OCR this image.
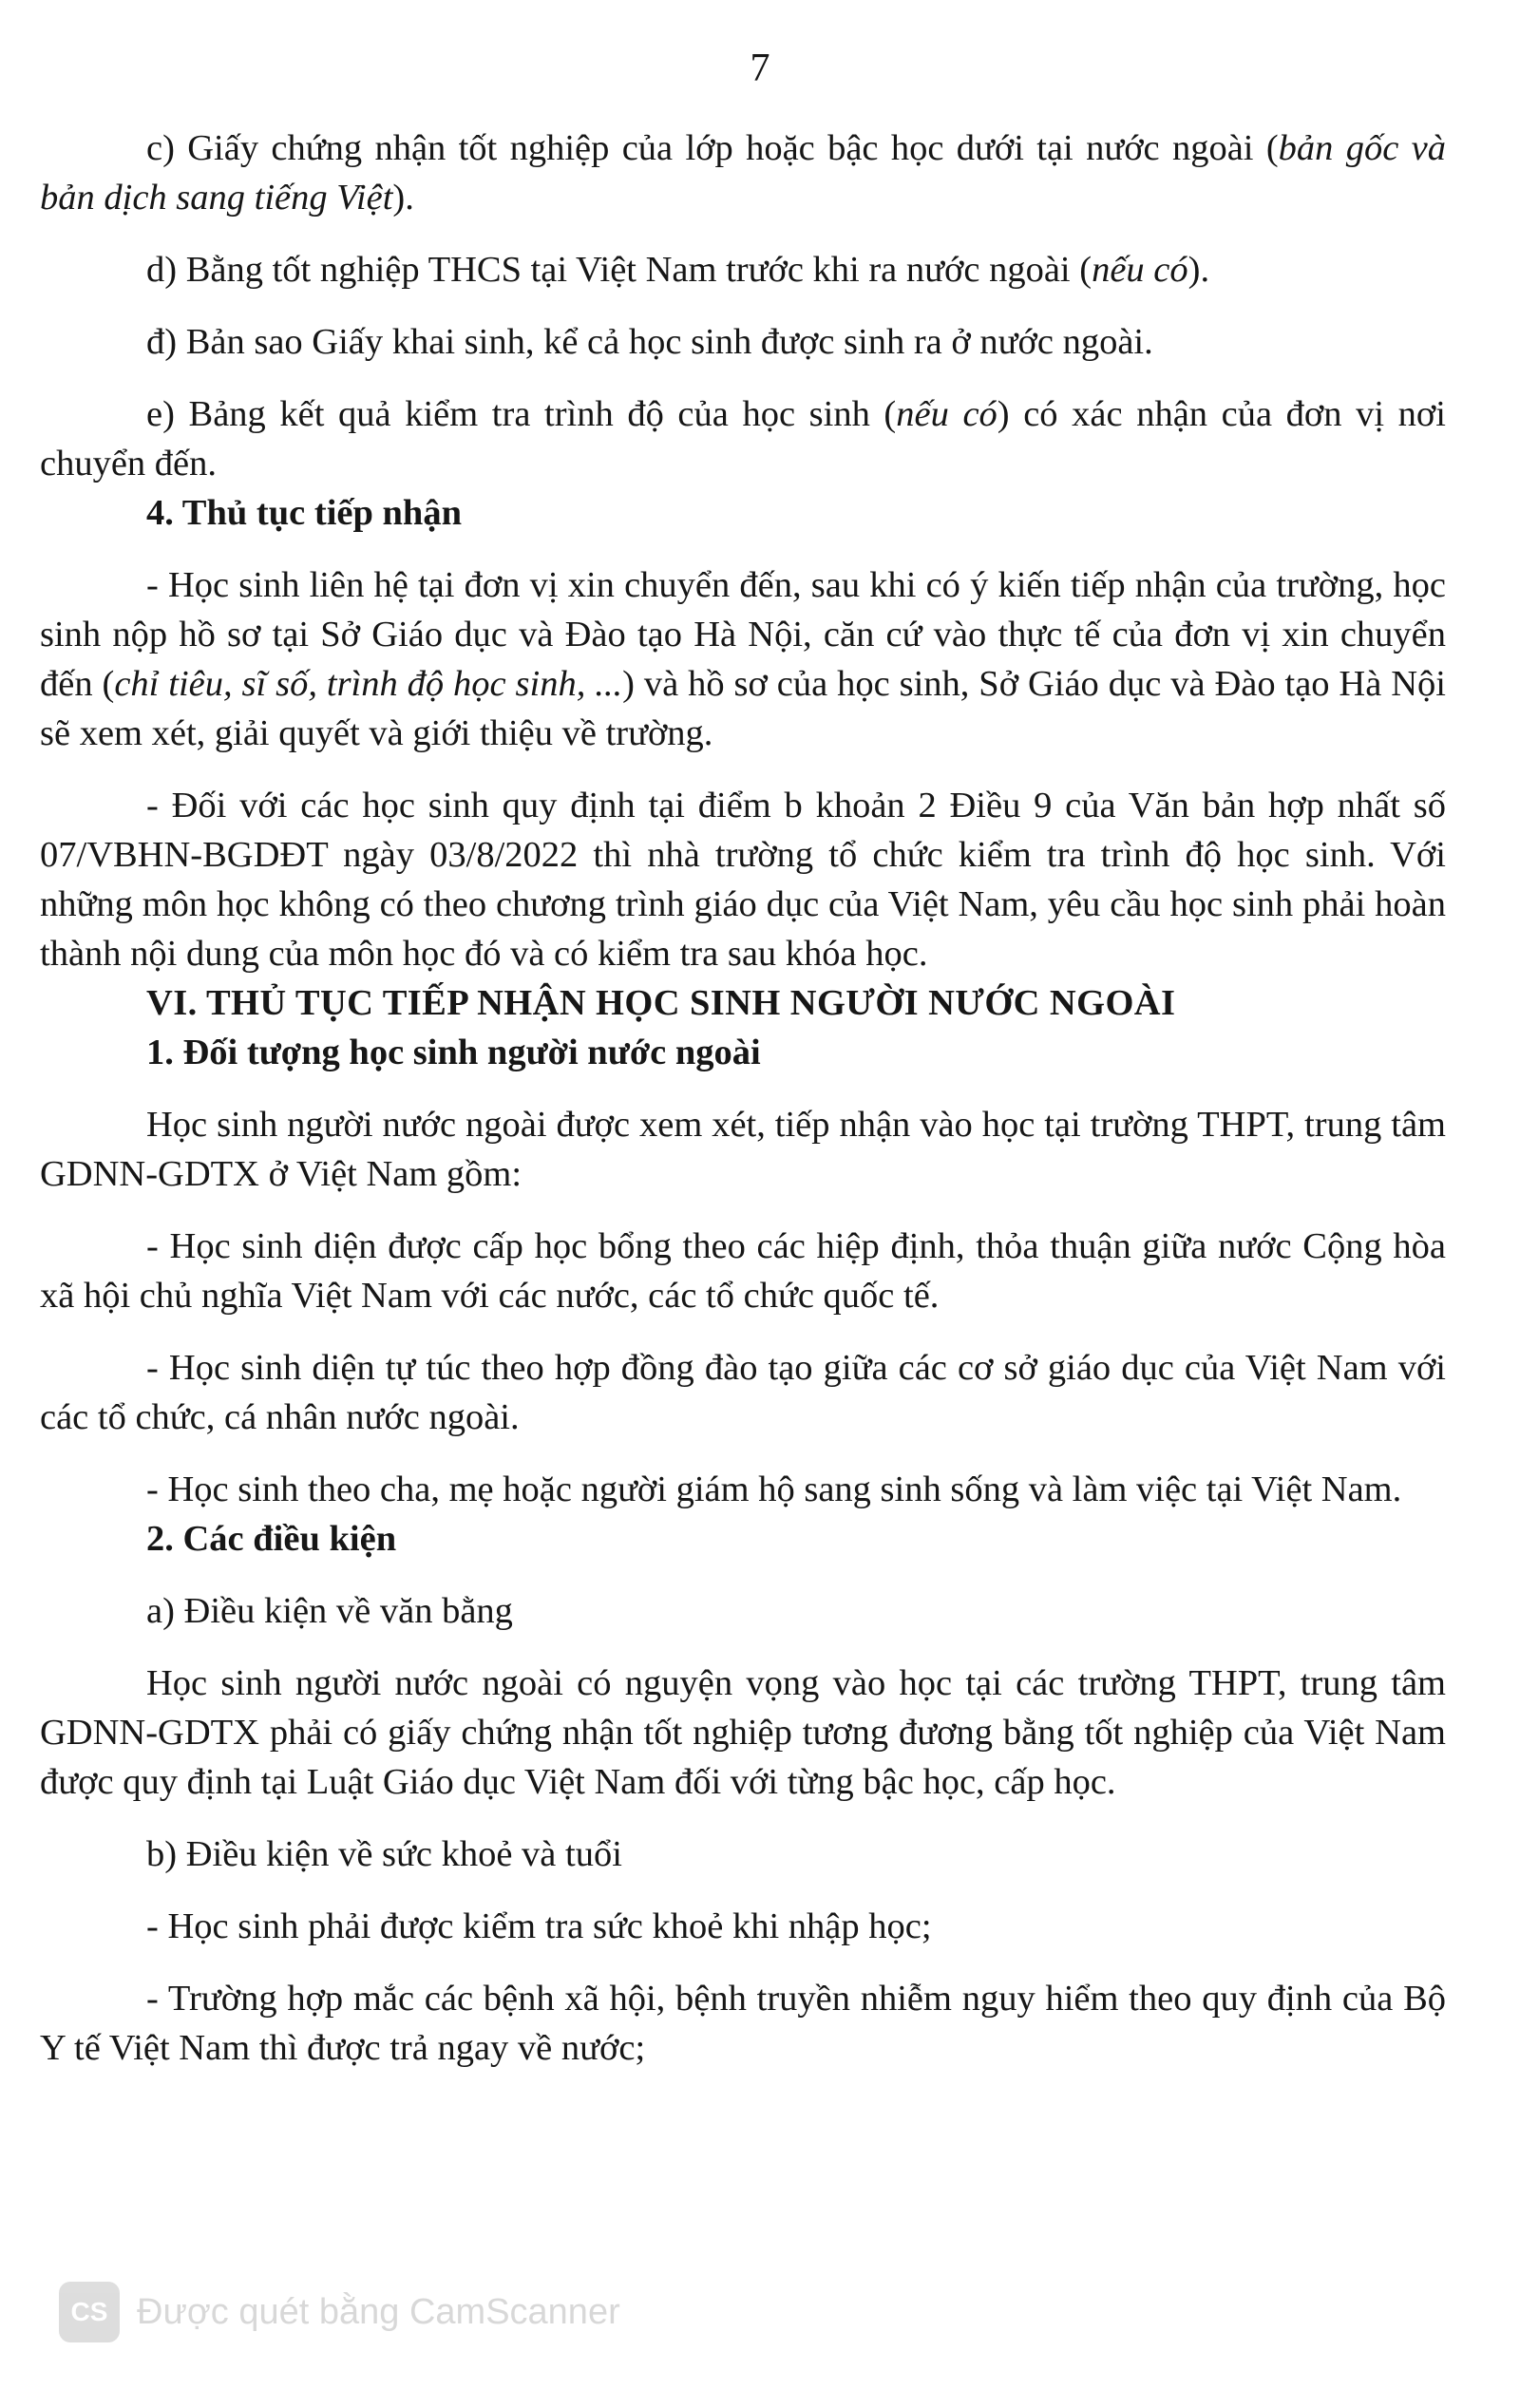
7
c) Giấy chứng nhận tốt nghiệp của lớp hoặc bậc học dưới tại nước ngoài (bản gốc và bản dịch sang tiếng Việt).
d) Bằng tốt nghiệp THCS tại Việt Nam trước khi ra nước ngoài (nếu có).
đ) Bản sao Giấy khai sinh, kể cả học sinh được sinh ra ở nước ngoài.
e) Bảng kết quả kiểm tra trình độ của học sinh (nếu có) có xác nhận của đơn vị nơi chuyển đến.
4. Thủ tục tiếp nhận
- Học sinh liên hệ tại đơn vị xin chuyển đến, sau khi có ý kiến tiếp nhận của trường, học sinh nộp hồ sơ tại Sở Giáo dục và Đào tạo Hà Nội, căn cứ vào thực tế của đơn vị xin chuyển đến (chỉ tiêu, sĩ số, trình độ học sinh, ...) và hồ sơ của học sinh, Sở Giáo dục và Đào tạo Hà Nội sẽ xem xét, giải quyết và giới thiệu về trường.
- Đối với các học sinh quy định tại điểm b khoản 2 Điều 9 của Văn bản hợp nhất số 07/VBHN-BGDĐT ngày 03/8/2022 thì nhà trường tổ chức kiểm tra trình độ học sinh. Với những môn học không có theo chương trình giáo dục của Việt Nam, yêu cầu học sinh phải hoàn thành nội dung của môn học đó và có kiểm tra sau khóa học.
VI. THỦ TỤC TIẾP NHẬN HỌC SINH NGƯỜI NƯỚC NGOÀI
1. Đối tượng học sinh người nước ngoài
Học sinh người nước ngoài được xem xét, tiếp nhận vào học tại trường THPT, trung tâm GDNN-GDTX ở Việt Nam gồm:
- Học sinh diện được cấp học bổng theo các hiệp định, thỏa thuận giữa nước Cộng hòa xã hội chủ nghĩa Việt Nam với các nước, các tổ chức quốc tế.
- Học sinh diện tự túc theo hợp đồng đào tạo giữa các cơ sở giáo dục của Việt Nam với các tổ chức, cá nhân nước ngoài.
- Học sinh theo cha, mẹ hoặc người giám hộ sang sinh sống và làm việc tại Việt Nam.
2. Các điều kiện
a) Điều kiện về văn bằng
Học sinh người nước ngoài có nguyện vọng vào học tại các trường THPT, trung tâm GDNN-GDTX phải có giấy chứng nhận tốt nghiệp tương đương bằng tốt nghiệp của Việt Nam được quy định tại Luật Giáo dục Việt Nam đối với từng bậc học, cấp học.
b) Điều kiện về sức khoẻ và tuổi
- Học sinh phải được kiểm tra sức khoẻ khi nhập học;
- Trường hợp mắc các bệnh xã hội, bệnh truyền nhiễm nguy hiểm theo quy định của Bộ Y tế Việt Nam thì được trả ngay về nước;
CS Được quét bằng CamScanner
